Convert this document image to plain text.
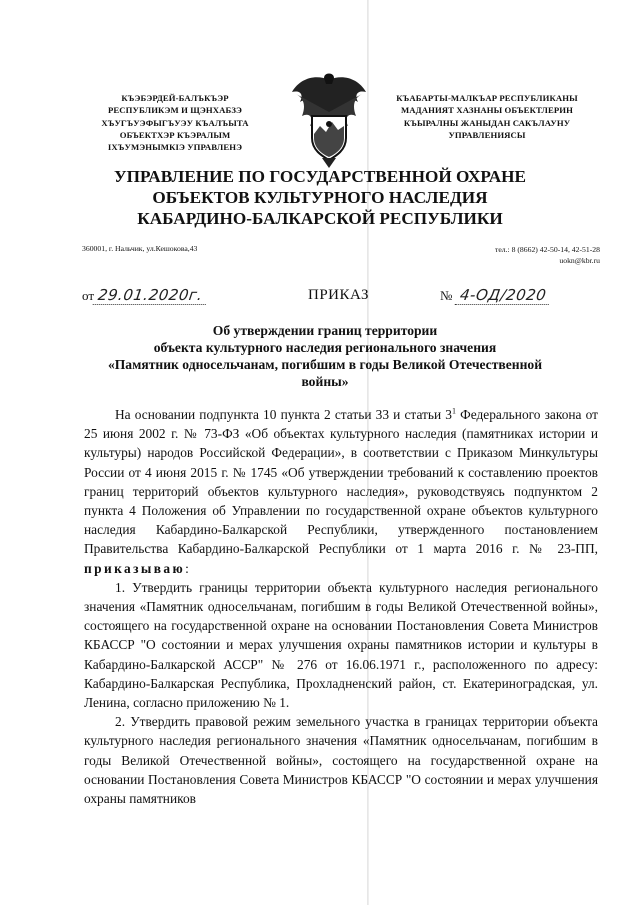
КЪЭБЭРДЕЙ-БАЛЪКЪЭР
РЕСПУБЛИКЭМ И ЩЭНХАБЗЭ
ХЪУГЪУЭФЫГЪУЭУ КЪАЛЪЫТА
ОБЪЕКТХЭР КЪЭРАЛЫМ
IХЪУМЭНЫМКIЭ УПРАВЛЕНЭ
КЪАБАРТЫ-МАЛКЪАР РЕСПУБЛИКАНЫ
МАДАНИЯТ ХАЗНАНЫ ОБЪЕКТЛЕРИН
КЪЫРАЛНЫ ЖАНЫДАН САКЪЛАУНУ
УПРАВЛЕНИЯСЫ
УПРАВЛЕНИЕ ПО ГОСУДАРСТВЕННОЙ ОХРАНЕ
ОБЪЕКТОВ КУЛЬТУРНОГО НАСЛЕДИЯ
КАБАРДИНО-БАЛКАРСКОЙ РЕСПУБЛИКИ
360001, г. Нальчик, ул.Кешокова,43	тел.: 8 (8662) 42-50-14, 42-51-28
uokn@kbr.ru
от 29.01.2020г.	ПРИКАЗ	№ 4-ОД/2020
Об утверждении границ территории
объекта культурного наследия регионального значения
«Памятник односельчанам, погибшим в годы Великой Отечественной
войны»

На основании подпункта 10 пункта 2 статьи 33 и статьи $3^1$ Федерального закона от 25 июня 2002 г. № 73-ФЗ «Об объектах культурного наследия (памятниках истории и культуры) народов Российской Федерации», в соответствии с Приказом Минкультуры России от 4 июня 2015 г. № 1745 «Об утверждении требований к составлению проектов границ территорий объектов культурного наследия», руководствуясь подпунктом 2 пункта 4 Положения об Управлении по государственной охране объектов культурного наследия Кабардино-Балкарской Республики, утвержденного постановлением Правительства Кабардино-Балкарской Республики от 1 марта 2016 г. № 23-ПП, приказываю:

1. Утвердить границы территории объекта культурного наследия регионального значения «Памятник односельчанам, погибшим в годы Великой Отечественной войны», состоящего на государственной охране на основании Постановления Совета Министров КБАССР "О состоянии и мерах улучшения охраны памятников истории и культуры в Кабардино-Балкарской АССР" № 276 от 16.06.1971 г., расположенного по адресу: Кабардино-Балкарская Республика, Прохладненский район, ст. Екатериноградская, ул. Ленина, согласно приложению № 1.

2. Утвердить правовой режим земельного участка в границах территории объекта культурного наследия регионального значения «Памятник односельчанам, погибшим в годы Великой Отечественной войны», состоящего на государственной охране на основании Постановления Совета Министров КБАССР "О состоянии и мерах улучшения охраны памятников
